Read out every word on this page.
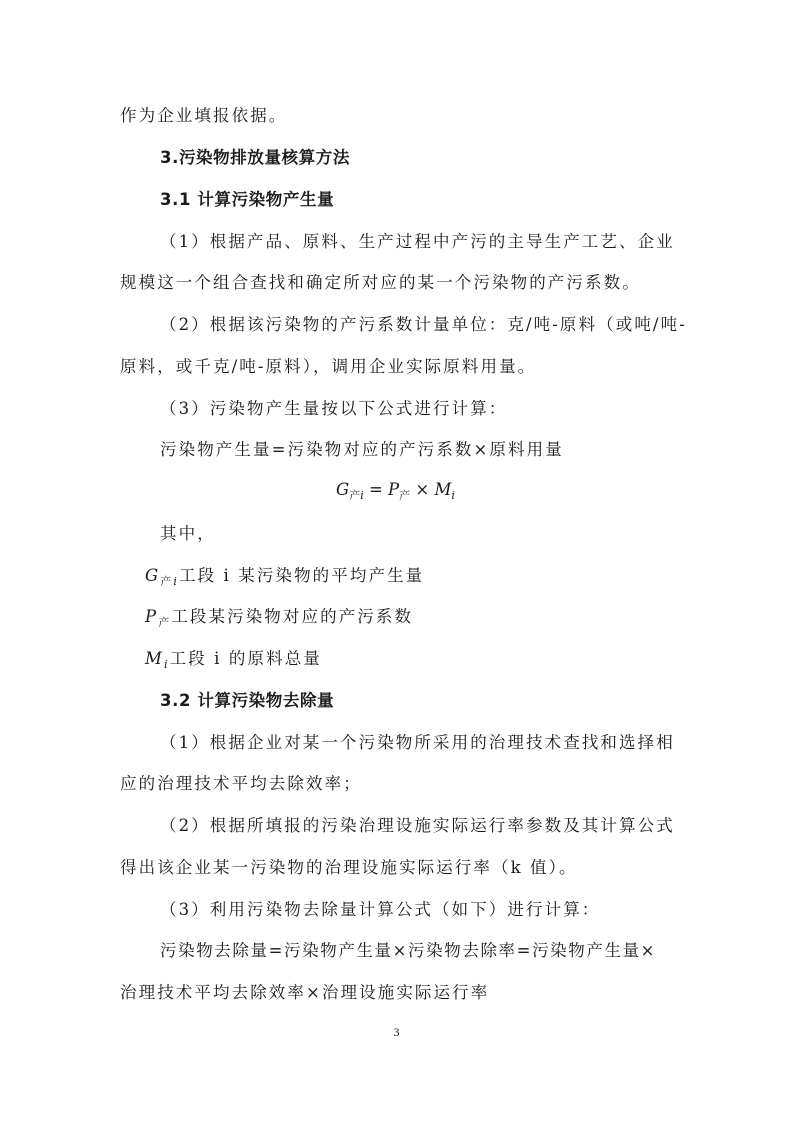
作为企业填报依据。
3.污染物排放量核算方法
3.1 计算污染物产生量
（1）根据产品、原料、生产过程中产污的主导生产工艺、企业
规模这一个组合查找和确定所对应的某一个污染物的产污系数。
（2）根据该污染物的产污系数计量单位：克/吨-原料（或吨/吨-
原料，或千克/吨-原料），调用企业实际原料用量。
（3）污染物产生量按以下公式进行计算：
污染物产生量=污染物对应的产污系数×原料用量
$G_{产i} = P_产 \times M_i$
其中，
$G_{产i}$工段 i 某污染物的平均产生量
$P_产$工段某污染物对应的产污系数
$M_i$工段 i 的原料总量
3.2 计算污染物去除量
（1）根据企业对某一个污染物所采用的治理技术查找和选择相
应的治理技术平均去除效率；
（2）根据所填报的污染治理设施实际运行率参数及其计算公式
得出该企业某一污染物的治理设施实际运行率（k 值）。
（3）利用污染物去除量计算公式（如下）进行计算：
污染物去除量=污染物产生量×污染物去除率=污染物产生量×
治理技术平均去除效率×治理设施实际运行率
3
